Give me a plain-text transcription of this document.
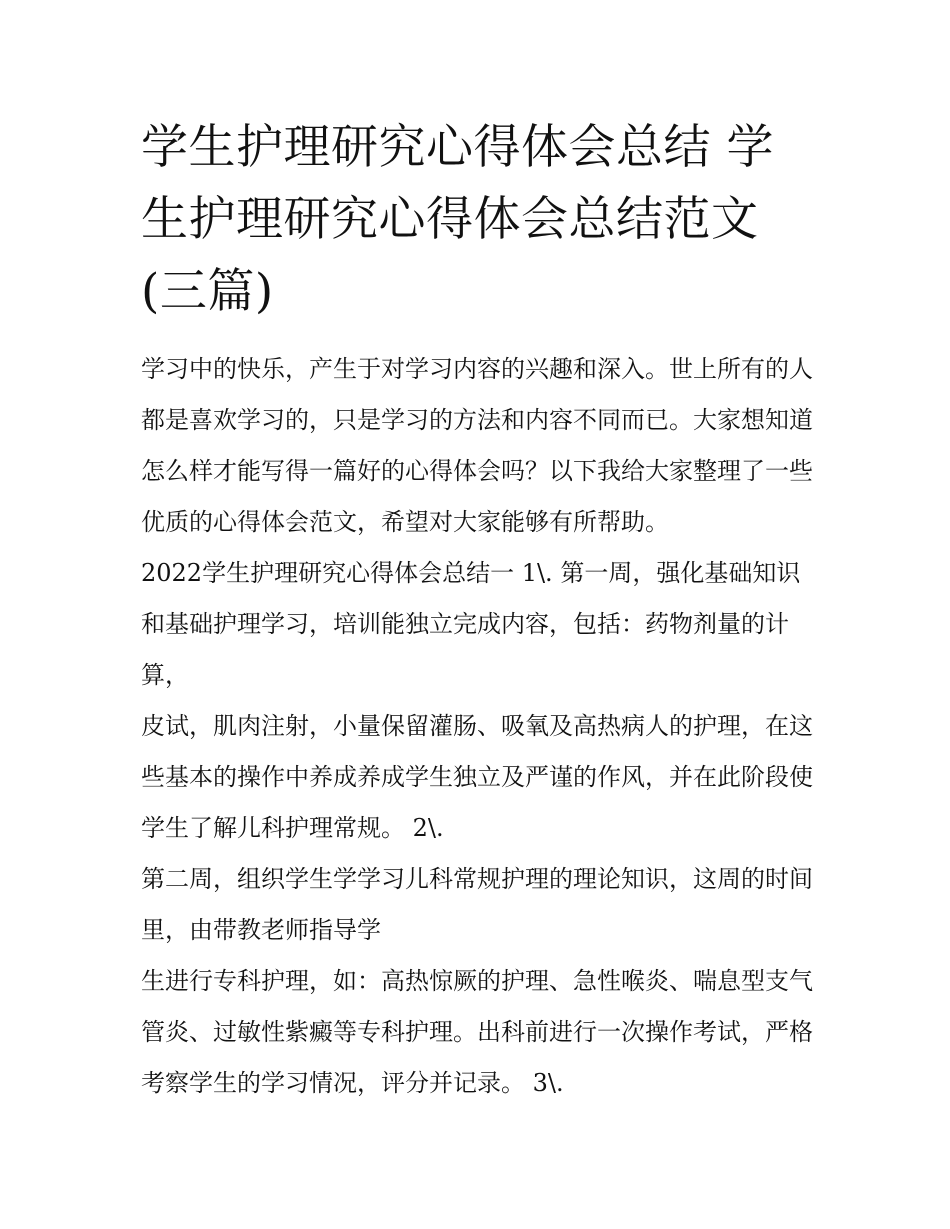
学生护理研究心得体会总结 学生护理研究心得体会总结范文(三篇)

学习中的快乐，产生于对学习内容的兴趣和深入。世上所有的人都是喜欢学习的，只是学习的方法和内容不同而已。大家想知道怎么样才能写得一篇好的心得体会吗？以下我给大家整理了一些优质的心得体会范文，希望对大家能够有所帮助。

2022学生护理研究心得体会总结一 1\. 第一周，强化基础知识和基础护理学习，培训能独立完成内容，包括：药物剂量的计算，

皮试，肌肉注射，小量保留灌肠、吸氧及高热病人的护理，在这些基本的操作中养成养成学生独立及严谨的作风，并在此阶段使学生了解儿科护理常规。 2\.

第二周，组织学生学学习儿科常规护理的理论知识，这周的时间里，由带教老师指导学

生进行专科护理，如：高热惊厥的护理、急性喉炎、喘息型支气管炎、过敏性紫癜等专科护理。出科前进行一次操作考试，严格考察学生的学习情况，评分并记录。 3\.
